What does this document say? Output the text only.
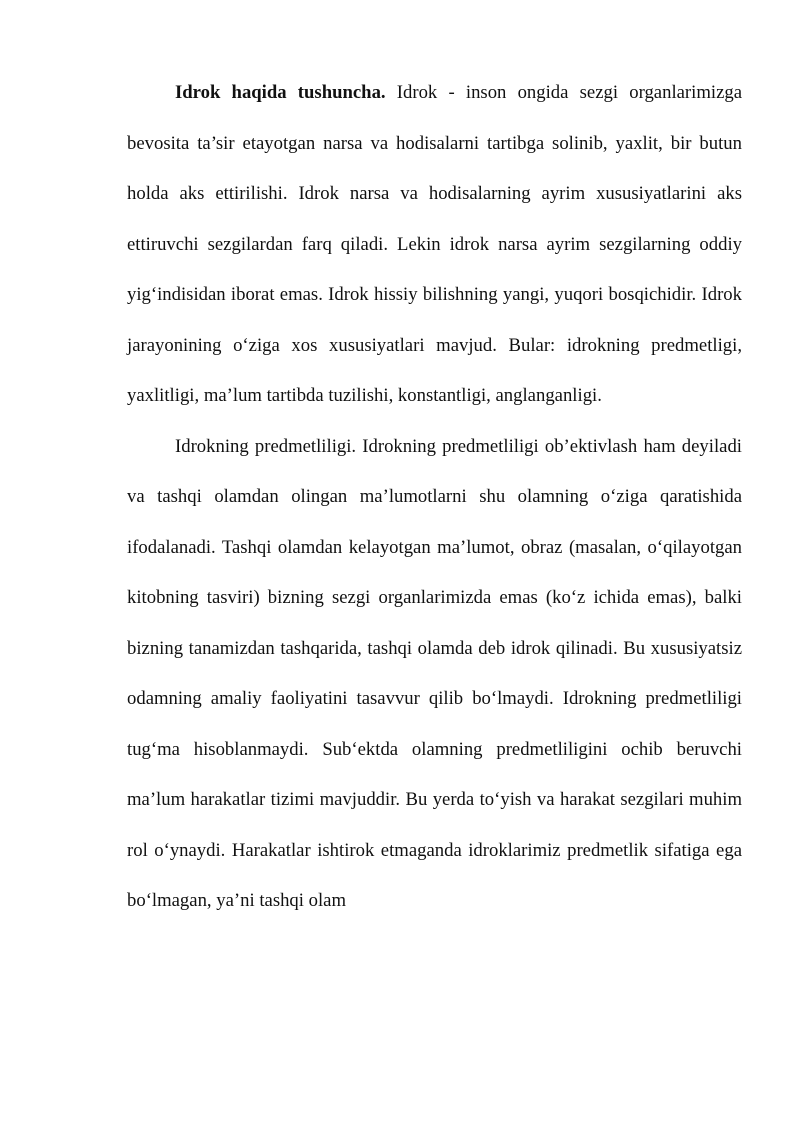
Idrok haqida tushuncha. Idrok - inson ongida sezgi organlarimizga bevosita ta’sir etayotgan narsa va hodisalarni tartibga solinib, yaxlit, bir butun holda aks ettirilishi. Idrok narsa va hodisalarning ayrim xususiyatlarini aks ettiruvchi sezgilardan farq qiladi. Lekin idrok narsa ayrim sezgilarning oddiy yig‘indisidan iborat emas. Idrok hissiy bilishning yangi, yuqori bosqichidir. Idrok jarayonining o‘ziga xos xususiyatlari mavjud. Bular: idrokning predmetligi, yaxlitligi, ma’lum tartibda tuzilishi, konstantligi, anglanganligi.

Idrokning predmetliligi. Idrokning predmetliligi ob’ektivlash ham deyiladi va tashqi olamdan olingan ma’lumotlarni shu olamning o‘ziga qaratishida ifodalanadi. Tashqi olamdan kelayotgan ma’lumot, obraz (masalan, o‘qilayotgan kitobning tasviri) bizning sezgi organlarimizda emas (ko‘z ichida emas), balki bizning tanamizdan tashqarida, tashqi olamda deb idrok qilinadi. Bu xususiyatsiz odamning amaliy faoliyatini tasavvur qilib bo‘lmaydi. Idrokning predmetliligi tug‘ma hisoblanmaydi. Sub‘ektda olamning predmetliligini ochib beruvchi ma’lum harakatlar tizimi mavjuddir. Bu yerda to‘yish va harakat sezgilari muhim rol o‘ynaydi. Harakatlar ishtirok etmaganda idroklarimiz predmetlik sifatiga ega bo‘lmagan, ya’ni tashqi olam
